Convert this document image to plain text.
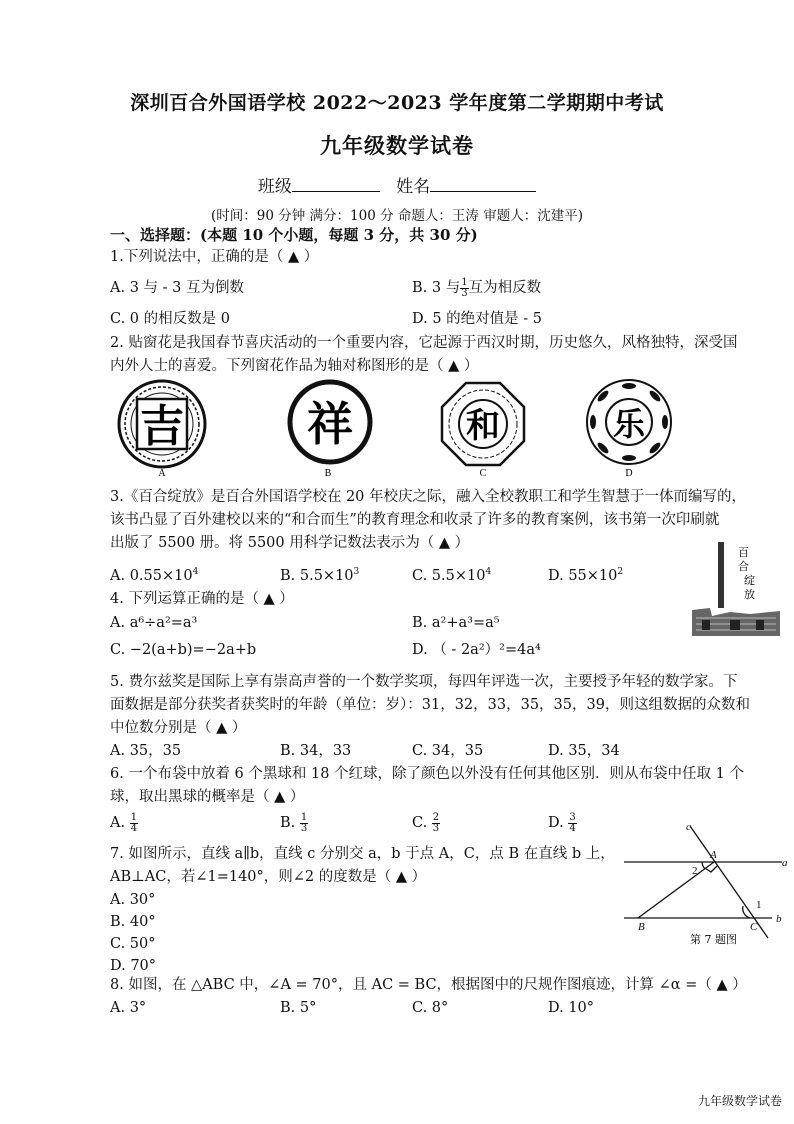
深圳百合外国语学校 2022～2023 学年度第二学期期中考试
九年级数学试卷
班级	姓名
(时间：90 分钟 满分：100 分 命题人：王涛 审题人：沈建平)
一、选择题：(本题 10 个小题，每题 3 分，共 30 分)
1.下列说法中，正确的是（ ▲ ）
A. 3 与 - 3 互为倒数	B. 3 与 $\frac{1}{3}$ 互为相反数
C. 0 的相反数是 0	D. 5 的绝对值是 - 5
2. 贴窗花是我国春节喜庆活动的一个重要内容，它起源于西汉时期，历史悠久，风格独特，深受国
内外人士的喜爱。下列窗花作品为轴对称图形的是（ ▲ ）
吉
A
祥
B
和
C
乐
D
3.《百合绽放》是百合外国语学校在 20 年校庆之际，融入全校教职工和学生智慧于一体而编写的，
该书凸显了百外建校以来的“和合而生”的教育理念和收录了许多的教育案例，该书第一次印刷就
出版了 5500 册。将 5500 用科学记数法表示为（ ▲ ）
A. $0.55\times 10^4$	B. $5.5\times 10^3$	C. $5.5\times 10^4$	D. $55\times 10^2$
百
合
绽
放
4. 下列运算正确的是（ ▲ ）
A. a⁶÷a²=a³	B. a²+a³=a⁵
C. −2(a+b)=−2a+b	D. （ - 2a²）²=4a⁴
5. 费尔兹奖是国际上享有崇高声誉的一个数学奖项，每四年评选一次，主要授予年轻的数学家。下
面数据是部分获奖者获奖时的年龄（单位：岁）：31，32，33，35，35，39，则这组数据的众数和
中位数分别是（ ▲ ）
A. 35，35	B. 34，33	C. 34，35	D. 35，34
6. 一个布袋中放着 6 个黑球和 18 个红球，除了颜色以外没有任何其他区别．则从布袋中任取 1 个
球，取出黑球的概率是（ ▲ ）
A. $\frac{1}{4}$	B. $\frac{1}{3}$	C. $\frac{2}{3}$	D. $\frac{3}{4}$
7. 如图所示，直线 a∥b，直线 c 分别交 a，b 于点 A，C，点 B 在直线 b 上，
AB⊥AC，若∠1=140°，则∠2 的度数是（ ▲ ）
A. 30°
B. 40°
C. 50°
D. 70°
c
a
b
A
B	C
1
2
第 7 题图
8. 如图，在 △ABC 中，∠A = 70°，且 AC = BC，根据图中的尺规作图痕迹，计算 ∠α =（ ▲ ）
A. 3°	B. 5°	C. 8°	D. 10°
九年级数学试卷
